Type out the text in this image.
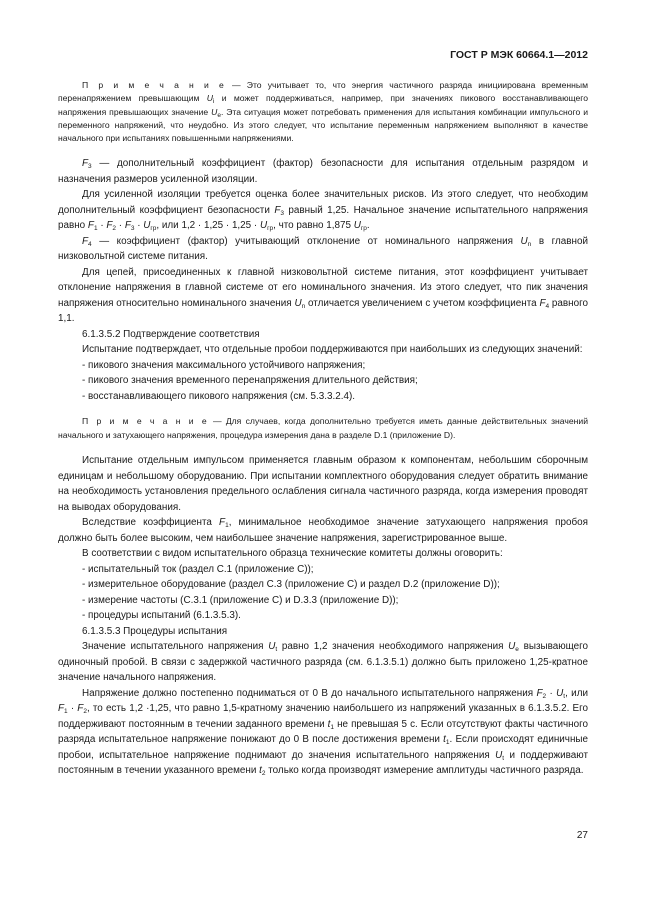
ГОСТ Р МЭК 60664.1—2012

П р и м е ч а н и е — Это учитывает то, что энергия частичного разряда инициирована временным перенапряжением превышающим $U_i$ и может поддерживаться, например, при значениях пикового восстанавливающего напряжения превышающих значение $U_e$. Эта ситуация может потребовать применения для испытания комбинации импульсного и переменного напряжений, что неудобно. Из этого следует, что испытание переменным напряжением выполняют в качестве начального при испытаниях повышенными напряжениями.

$F_3$ — дополнительный коэффициент (фактор) безопасности для испытания отдельным разрядом и назначения размеров усиленной изоляции.

Для усиленной изоляции требуется оценка более значительных рисков. Из этого следует, что необходим дополнительный коэффициент безопасности $F_3$ равный 1,25. Начальное значение испытательного напряжения равно $F_1 \cdot F_2 \cdot F_3 \cdot U_{гр}$, или $1,2 \cdot 1,25 \cdot 1,25 \cdot U_{гр}$, что равно 1,875 $U_{гр}$.

$F_4$ — коэффициент (фактор) учитывающий отклонение от номинального напряжения $U_n$ в главной низковольтной системе питания.

Для цепей, присоединенных к главной низковольтной системе питания, этот коэффициент учитывает отклонение напряжения в главной системе от его номинального значения. Из этого следует, что пик значения напряжения относительно номинального значения $U_n$ отличается увеличением с учетом коэффициента $F_4$ равного 1,1.

6.1.3.5.2 Подтверждение соответствия

Испытание подтверждает, что отдельные пробои поддерживаются при наибольших из следующих значений:

- пикового значения максимального устойчивого напряжения;

- пикового значения временного перенапряжения длительного действия;

- восстанавливающего пикового напряжения (см. 5.3.3.2.4).

П р и м е ч а н и е — Для случаев, когда дополнительно требуется иметь данные действительных значений начального и затухающего напряжения, процедура измерения дана в разделе D.1 (приложение D).

Испытание отдельным импульсом применяется главным образом к компонентам, небольшим сборочным единицам и небольшому оборудованию. При испытании комплектного оборудования следует обратить внимание на необходимость установления предельного ослабления сигнала частичного разряда, когда измерения проводят на выводах оборудования.

Вследствие коэффициента $F_1$, минимальное необходимое значение затухающего напряжения пробоя должно быть более высоким, чем наибольшее значение напряжения, зарегистрированное выше.

В соответствии с видом испытательного образца технические комитеты должны оговорить:

- испытательный ток (раздел С.1 (приложение С));

- измерительное оборудование (раздел С.3 (приложение С) и раздел D.2 (приложение D));

- измерение частоты (С.3.1 (приложение С) и D.3.3 (приложение D));

- процедуры испытаний (6.1.3.5.3).

6.1.3.5.3 Процедуры испытания

Значение испытательного напряжения $U_t$ равно 1,2 значения необходимого напряжения $U_e$ вызывающего одиночный пробой. В связи с задержкой частичного разряда (см. 6.1.3.5.1) должно быть приложено 1,25-кратное значение начального напряжения.

Напряжение должно постепенно подниматься от 0 В до начального испытательного напряжения $F_2 \cdot U_t$, или $F_1 \cdot F_2$, то есть 1,2 ·1,25, что равно 1,5-кратному значению наибольшего из напряжений указанных в 6.1.3.5.2. Его поддерживают постоянным в течении заданного времени $t_1$ не превышая 5 с. Если отсутствуют факты частичного разряда испытательное напряжение понижают до 0 В после достижения времени $t_1$. Если происходят единичные пробои, испытательное напряжение поднимают до значения испытательного напряжения $U_t$ и поддерживают постоянным в течении указанного времени $t_2$ только когда производят измерение амплитуды частичного разряда.

27
